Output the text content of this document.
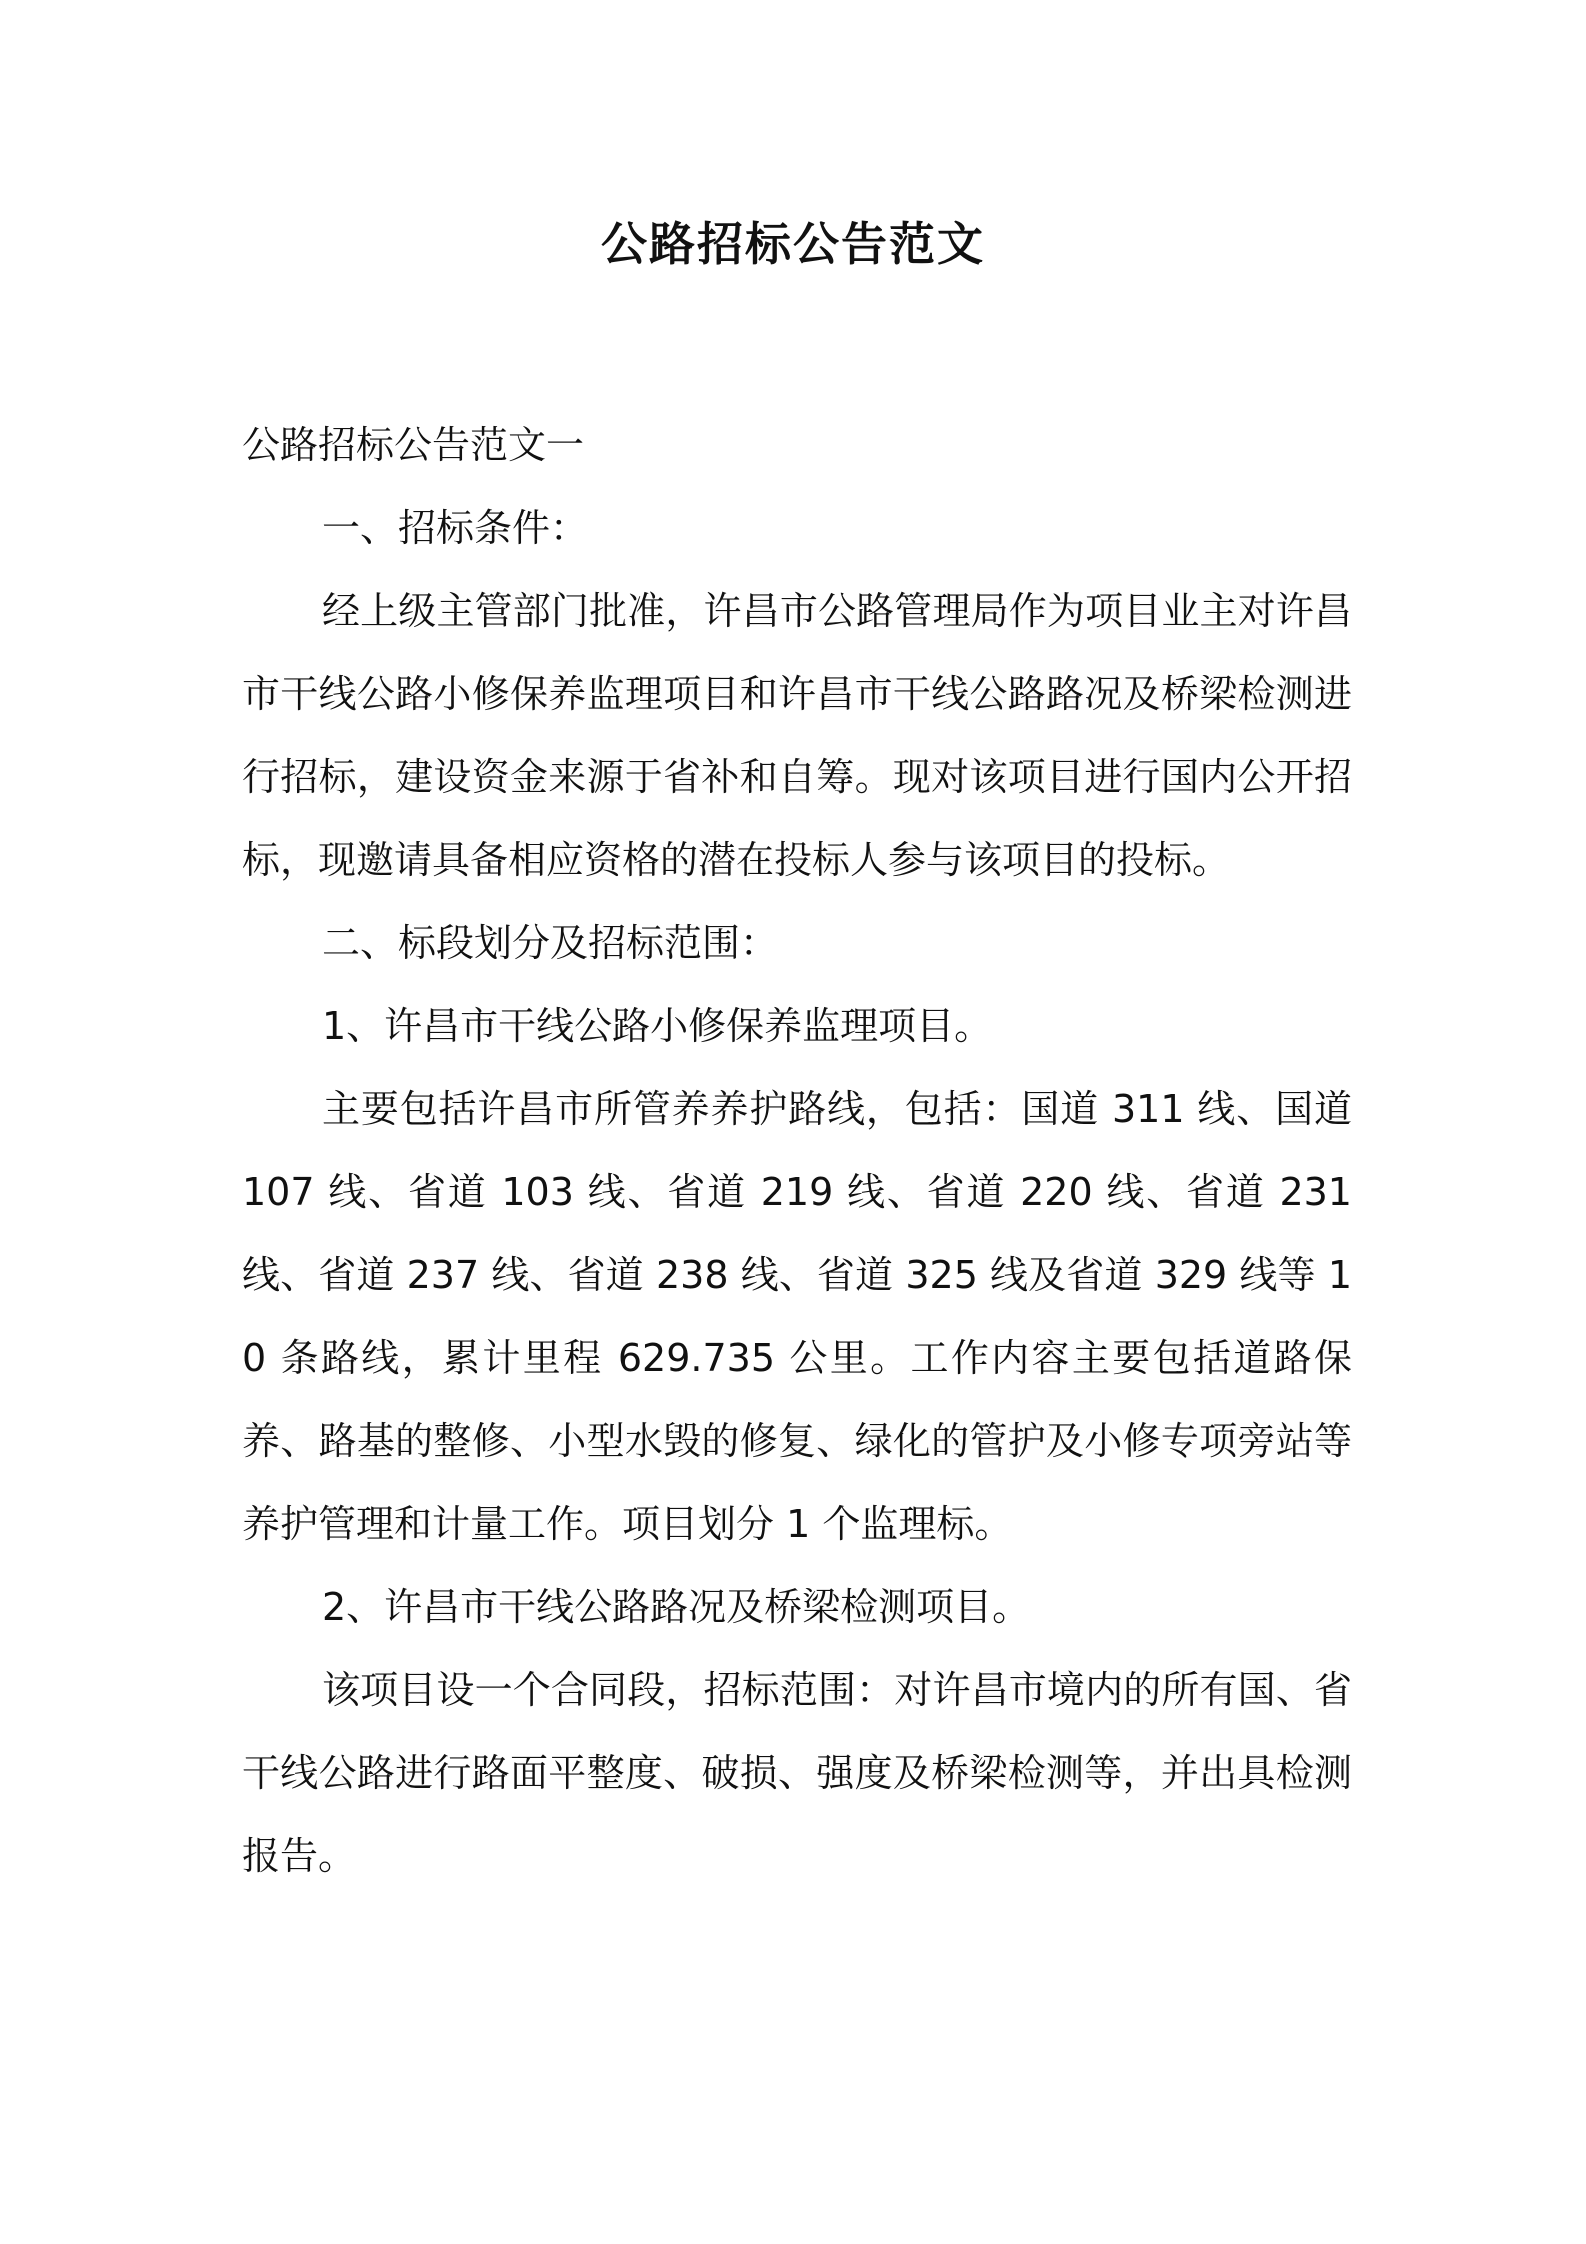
公路招标公告范文

公路招标公告范文一

一、招标条件：

经上级主管部门批准，许昌市公路管理局作为项目业主对许昌市干线公路小修保养监理项目和许昌市干线公路路况及桥梁检测进行招标，建设资金来源于省补和自筹。现对该项目进行国内公开招标，现邀请具备相应资格的潜在投标人参与该项目的投标。

二、标段划分及招标范围：

1、许昌市干线公路小修保养监理项目。

主要包括许昌市所管养养护路线，包括：国道 311 线、国道 107 线、省道 103 线、省道 219 线、省道 220 线、省道 231 线、省道 237 线、省道 238 线、省道 325 线及省道 329 线等 10 条路线，累计里程 629.735 公里。工作内容主要包括道路保养、路基的整修、小型水毁的修复、绿化的管护及小修专项旁站等养护管理和计量工作。项目划分 1 个监理标。

2、许昌市干线公路路况及桥梁检测项目。

该项目设一个合同段，招标范围：对许昌市境内的所有国、省干线公路进行路面平整度、破损、强度及桥梁检测等，并出具检测报告。
